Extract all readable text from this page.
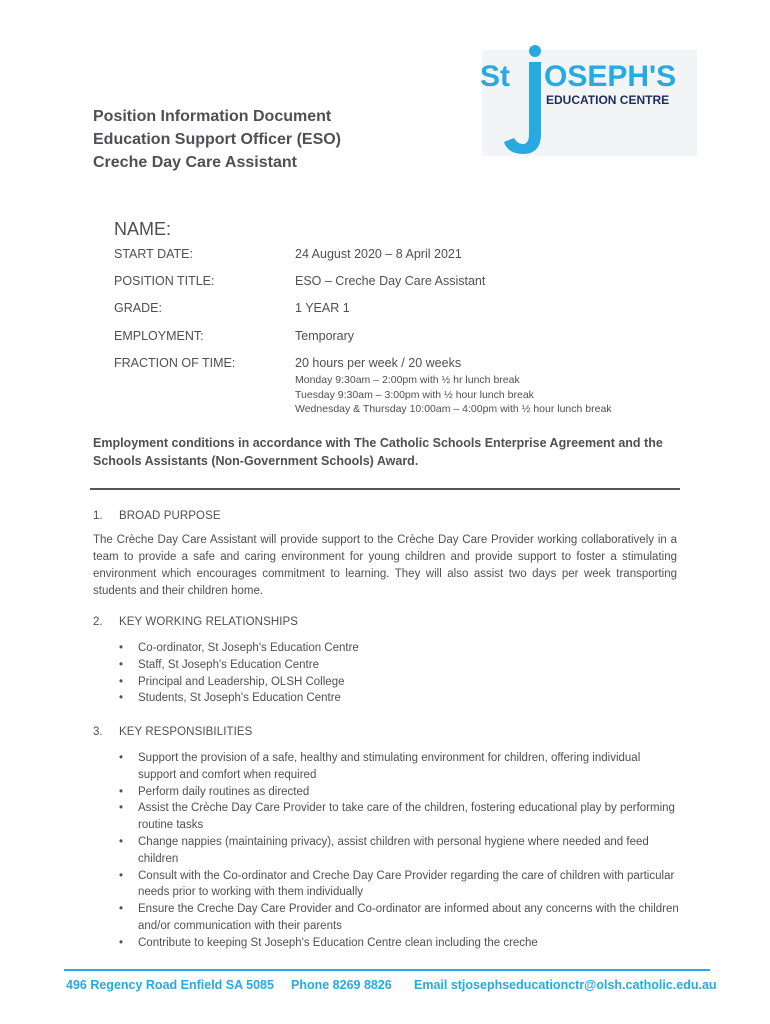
St OSEPH'S
EDUCATION CENTRE
Position Information Document
Education Support Officer (ESO)
Creche Day Care Assistant
NAME:
START DATE:	24 August 2020 – 8 April 2021
POSITION TITLE:	ESO – Creche Day Care Assistant
GRADE:	1 YEAR 1
EMPLOYMENT:	Temporary
FRACTION OF TIME:	20 hours per week / 20 weeks
Monday 9:30am – 2:00pm with ½ hr lunch break
Tuesday 9:30am – 3:00pm with ½ hour lunch break
Wednesday & Thursday 10:00am – 4:00pm with ½ hour lunch break
Employment conditions in accordance with The Catholic Schools Enterprise Agreement and the Schools Assistants (Non-Government Schools) Award.
1. BROAD PURPOSE

The Crèche Day Care Assistant will provide support to the Crèche Day Care Provider working collaboratively in a team to provide a safe and caring environment for young children and provide support to foster a stimulating environment which encourages commitment to learning. They will also assist two days per week transporting students and their children home.

2. KEY WORKING RELATIONSHIPS
• Co-ordinator, St Joseph's Education Centre
• Staff, St Joseph's Education Centre
• Principal and Leadership, OLSH College
• Students, St Joseph's Education Centre
3. KEY RESPONSIBILITIES
• Support the provision of a safe, healthy and stimulating environment for children, offering individual support and comfort when required
• Perform daily routines as directed
• Assist the Crèche Day Care Provider to take care of the children, fostering educational play by performing routine tasks
• Change nappies (maintaining privacy), assist children with personal hygiene where needed and feed children
• Consult with the Co-ordinator and Creche Day Care Provider regarding the care of children with particular needs prior to working with them individually
• Ensure the Creche Day Care Provider and Co-ordinator are informed about any concerns with the children and/or communication with their parents
• Contribute to keeping St Joseph's Education Centre clean including the creche
496 Regency Road Enfield SA 5085 Phone 8269 8826 Email stjosephseducationctr@olsh.catholic.edu.au
